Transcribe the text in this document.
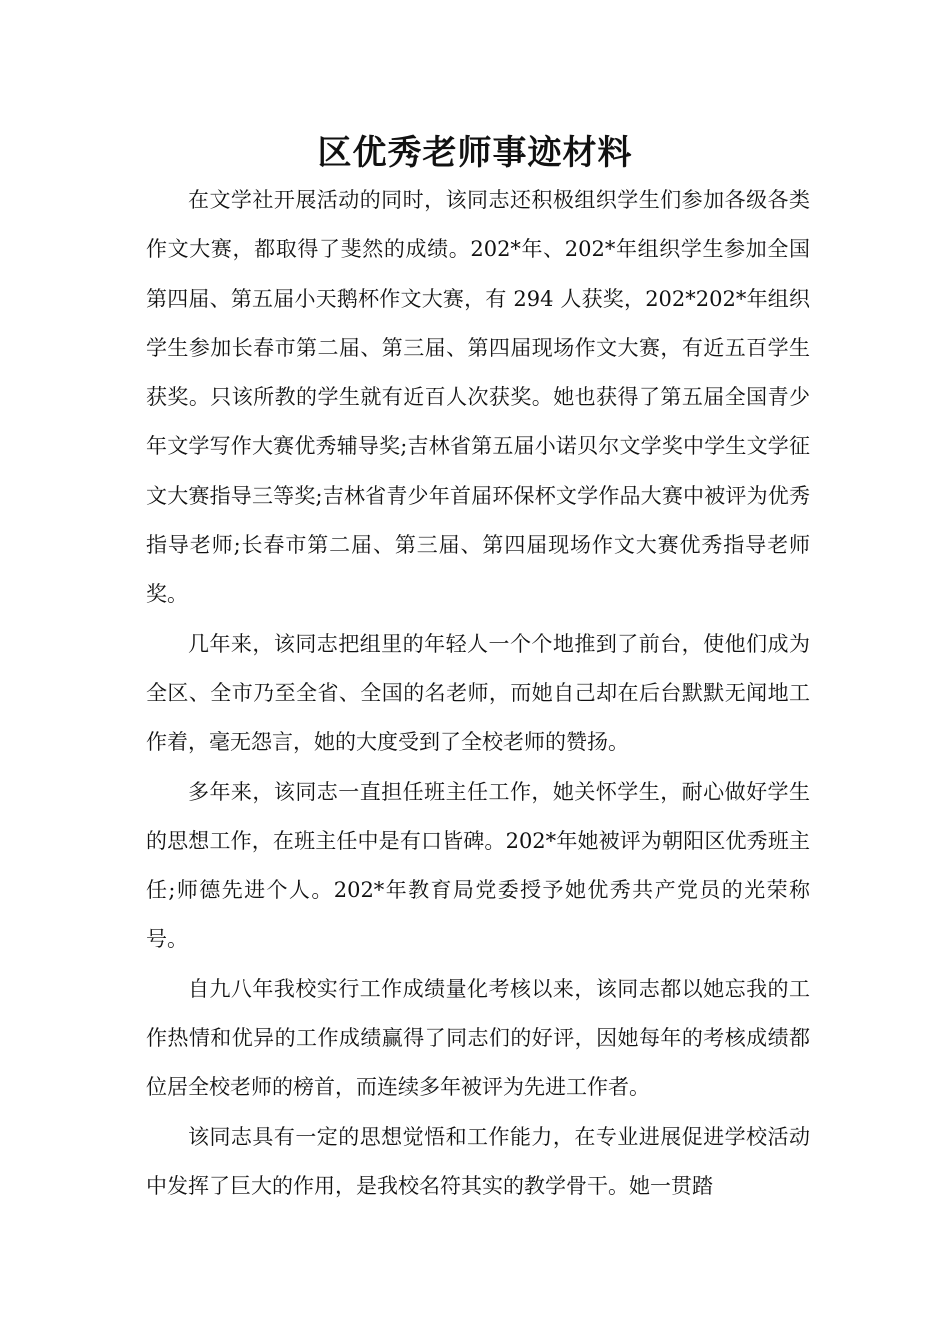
区优秀老师事迹材料

在文学社开展活动的同时，该同志还积极组织学生们参加各级各类作文大赛，都取得了斐然的成绩。202*年、202*年组织学生参加全国第四届、第五届小天鹅杯作文大赛，有 294 人获奖，202*202*年组织学生参加长春市第二届、第三届、第四届现场作文大赛，有近五百学生获奖。只该所教的学生就有近百人次获奖。她也获得了第五届全国青少年文学写作大赛优秀辅导奖;吉林省第五届小诺贝尔文学奖中学生文学征文大赛指导三等奖;吉林省青少年首届环保杯文学作品大赛中被评为优秀指导老师;长春市第二届、第三届、第四届现场作文大赛优秀指导老师奖。

几年来，该同志把组里的年轻人一个个地推到了前台，使他们成为全区、全市乃至全省、全国的名老师，而她自己却在后台默默无闻地工作着，毫无怨言，她的大度受到了全校老师的赞扬。

多年来，该同志一直担任班主任工作，她关怀学生，耐心做好学生的思想工作，在班主任中是有口皆碑。202*年她被评为朝阳区优秀班主任;师德先进个人。202*年教育局党委授予她优秀共产党员的光荣称号。

自九八年我校实行工作成绩量化考核以来，该同志都以她忘我的工作热情和优异的工作成绩赢得了同志们的好评，因她每年的考核成绩都位居全校老师的榜首，而连续多年被评为先进工作者。

该同志具有一定的思想觉悟和工作能力，在专业进展促进学校活动中发挥了巨大的作用，是我校名符其实的教学骨干。她一贯踏
